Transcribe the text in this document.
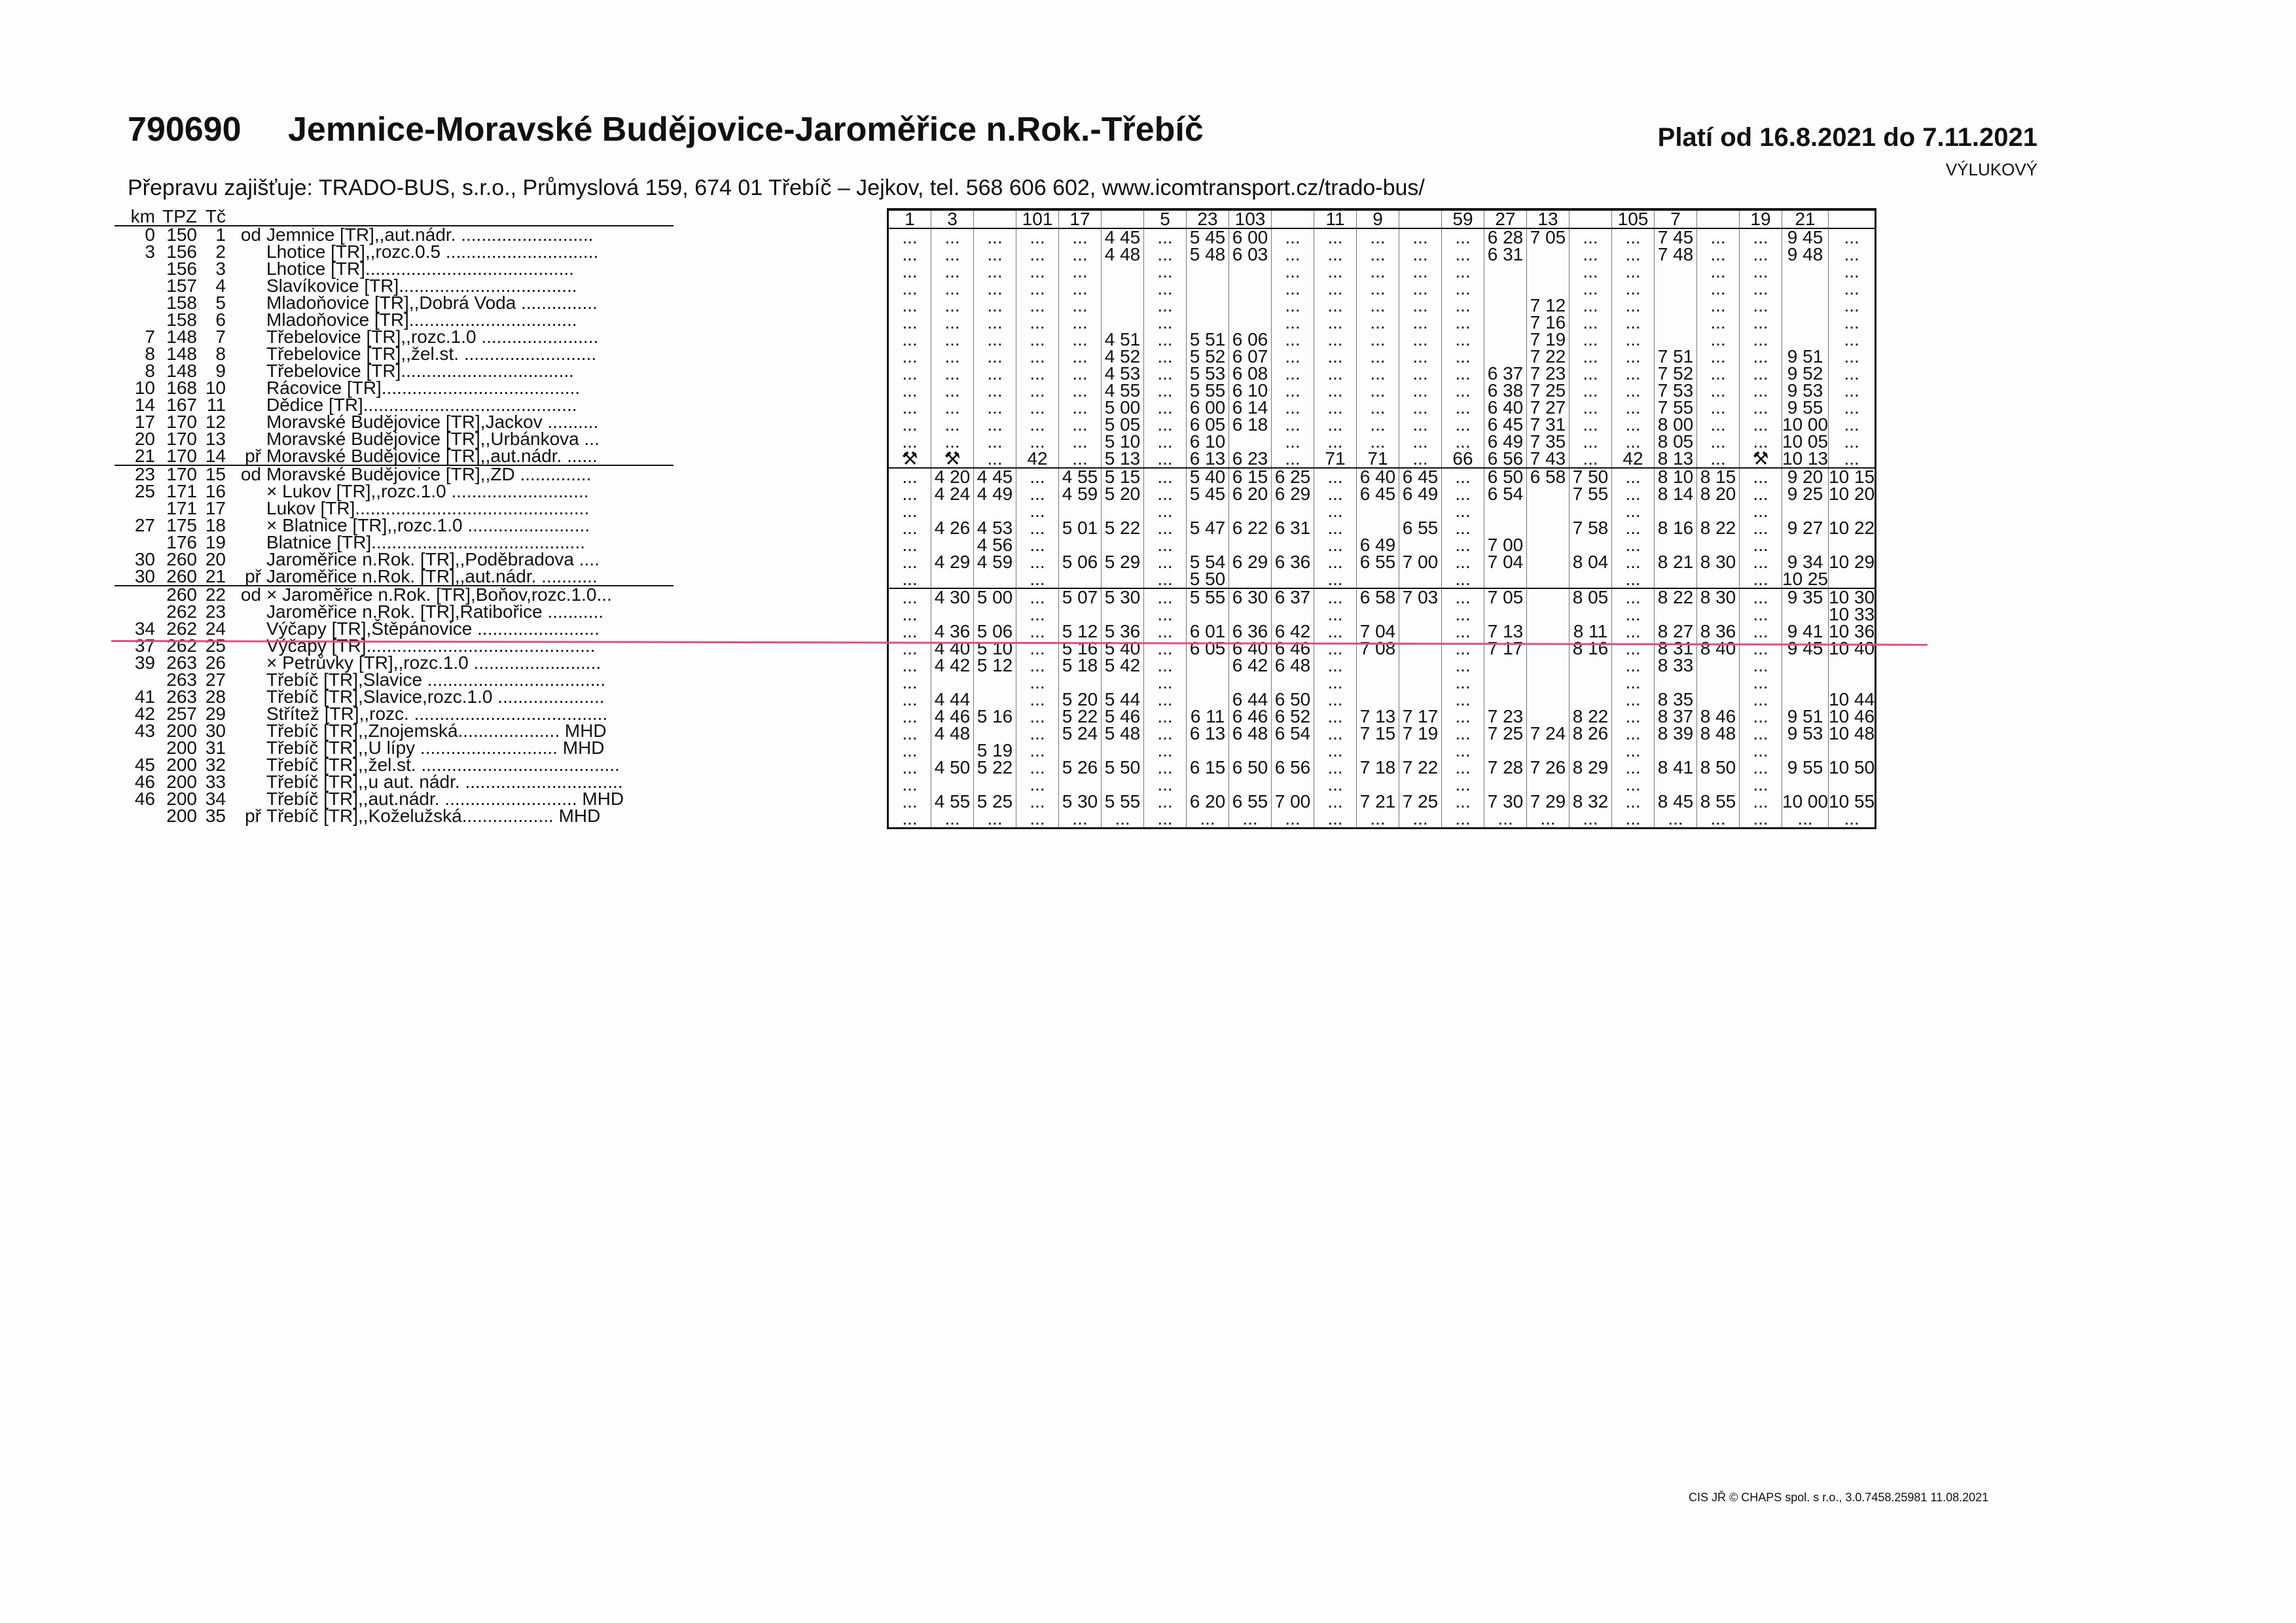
790690 Jemnice-Moravské Budějovice-Jaroměřice n.Rok.-Třebíč	Platí od 16.8.2021 do 7.11.2021
VÝLUKOVÝ
Přepravu zajišťuje: TRADO-BUS, s.r.o., Průmyslová 159, 674 01 Třebíč – Jejkov, tel. 568 606 602, www.icomtransport.cz/trado-bus/
km	TPZ	Tč		
0	150	1	od	Jemnice [TR],,aut.nádr. ..........................
3	156	2		Lhotice [TR],,rozc.0.5 ..............................
	156	3		Lhotice [TR].........................................
	157	4		Slavíkovice [TR]...................................
	158	5		Mladoňovice [TR],,Dobrá Voda ...............
	158	6		Mladoňovice [TR].................................
7	148	7		Třebelovice [TR],,rozc.1.0 .......................
8	148	8		Třebelovice [TR],,žel.st. ..........................
8	148	9		Třebelovice [TR]..................................
10	168	10		Rácovice [TR].......................................
14	167	11		Dědice [TR]..........................................
17	170	12		Moravské Budějovice [TR],Jackov ..........
20	170	13		Moravské Budějovice [TR],,Urbánkova ...
21	170	14	př	Moravské Budějovice [TR],,aut.nádr. ......
23	170	15	od	Moravské Budějovice [TR],,ZD ..............
25	171	16		× Lukov [TR],,rozc.1.0 ...........................
	171	17		Lukov [TR]..............................................
27	175	18		× Blatnice [TR],,rozc.1.0 ........................
	176	19		Blatnice [TR]..........................................
30	260	20		Jaroměřice n.Rok. [TR],,Poděbradova ....
30	260	21	př	Jaroměřice n.Rok. [TR],,aut.nádr. ...........
	260	22	od	× Jaroměřice n.Rok. [TR],Boňov,rozc.1.0...
	262	23		Jaroměřice n.Rok. [TR],Ratibořice ...........
34	262	24		Výčapy [TR],Štěpánovice ........................
37	262	25		Výčapy [TR].............................................
39	263	26		× Petrůvky [TR],,rozc.1.0 .........................
	263	27		Třebíč [TR],Slavice ...................................
41	263	28		Třebíč [TR],Slavice,rozc.1.0 .....................
42	257	29		Střítež [TR],,rozc. ......................................
43	200	30		Třebíč [TR],,Znojemská.................... MHD
	200	31		Třebíč [TR],,U lípy ........................... MHD
45	200	32		Třebíč [TR],,žel.st. .......................................
46	200	33		Třebíč [TR],,u aut. nádr. ...............................
46	200	34		Třebíč [TR],,aut.nádr. .......................... MHD
	200	35	př	Třebíč [TR],,Koželužská.................. MHD
1	3		101	17		5	23	103		11	9		59	27	13		105	7		19	21	
...	...	...	...	...	4 45	...	5 45	6 00	...	...	...	...	...	6 28	7 05	...	...	7 45	...	...	9 45	...
...	...	...	...	...	4 48	...	5 48	6 03	...	...	...	...	...	6 31		...	...	7 48	...	...	9 48	...
...	...	...	...	...		...			...	...	...	...	...			...	...		...	...		...
...	...	...	...	...		...			...	...	...	...	...			...	...		...	...		...
...	...	...	...	...		...			...	...	...	...	...		7 12	...	...		...	...		...
...	...	...	...	...		...			...	...	...	...	...		7 16	...	...		...	...		...
...	...	...	...	...	4 51	...	5 51	6 06	...	...	...	...	...		7 19	...	...		...	...		...
...	...	...	...	...	4 52	...	5 52	6 07	...	...	...	...	...		7 22	...	...	7 51	...	...	9 51	...
...	...	...	...	...	4 53	...	5 53	6 08	...	...	...	...	...	6 37	7 23	...	...	7 52	...	...	9 52	...
...	...	...	...	...	4 55	...	5 55	6 10	...	...	...	...	...	6 38	7 25	...	...	7 53	...	...	9 53	...
...	...	...	...	...	5 00	...	6 00	6 14	...	...	...	...	...	6 40	7 27	...	...	7 55	...	...	9 55	...
...	...	...	...	...	5 05	...	6 05	6 18	...	...	...	...	...	6 45	7 31	...	...	8 00	...	...	10 00	...
...	...	...	...	...	5 10	...	6 10		...	...	...	...	...	6 49	7 35	...	...	8 05	...	...	10 05	...
⚒	⚒	...	42	...	5 13	...	6 13	6 23	...	71	71	...	66	6 56	7 43	...	42	8 13	...	⚒	10 13	...
...	4 20	4 45	...	4 55	5 15	...	5 40	6 15	6 25	...	6 40	6 45	...	6 50	6 58	7 50	...	8 10	8 15	...	9 20	10 15
...	4 24	4 49	...	4 59	5 20	...	5 45	6 20	6 29	...	6 45	6 49	...	6 54		7 55	...	8 14	8 20	...	9 25	10 20
...			...			...				...			...				...			...		
...	4 26	4 53	...	5 01	5 22	...	5 47	6 22	6 31	...		6 55	...			7 58	...	8 16	8 22	...	9 27	10 22
...		4 56	...			...				...	6 49		...	7 00			...			...		
...	4 29	4 59	...	5 06	5 29	...	5 54	6 29	6 36	...	6 55	7 00	...	7 04		8 04	...	8 21	8 30	...	9 34	10 29
...			...			...	5 50			...			...				...			...	10 25	
...	4 30	5 00	...	5 07	5 30	...	5 55	6 30	6 37	...	6 58	7 03	...	7 05		8 05	...	8 22	8 30	...	9 35	10 30
...			...			...				...			...				...			...		10 33
...	4 36	5 06	...	5 12	5 36	...	6 01	6 36	6 42	...	7 04		...	7 13		8 11	...	8 27	8 36	...	9 41	10 36
...	4 40	5 10	...	5 16	5 40	...	6 05	6 40	6 46	...	7 08		...	7 17		8 16	...	8 31	8 40	...	9 45	10 40
...	4 42	5 12	...	5 18	5 42	...		6 42	6 48	...			...				...	8 33		...		
...			...			...				...			...				...			...		
...	4 44		...	5 20	5 44	...		6 44	6 50	...			...				...	8 35		...		10 44
...	4 46	5 16	...	5 22	5 46	...	6 11	6 46	6 52	...	7 13	7 17	...	7 23		8 22	...	8 37	8 46	...	9 51	10 46
...	4 48		...	5 24	5 48	...	6 13	6 48	6 54	...	7 15	7 19	...	7 25	7 24	8 26	...	8 39	8 48	...	9 53	10 48
...		5 19	...			...				...			...				...			...		
...	4 50	5 22	...	5 26	5 50	...	6 15	6 50	6 56	...	7 18	7 22	...	7 28	7 26	8 29	...	8 41	8 50	...	9 55	10 50
...			...			...				...			...				...			...		
...	4 55	5 25	...	5 30	5 55	...	6 20	6 55	7 00	...	7 21	7 25	...	7 30	7 29	8 32	...	8 45	8 55	...	10 00	10 55
...	...	...	...	...	...	...	...	...	...	...	...	...	...	...	...	...	...	...	...	...	...	...
CIS JŘ © CHAPS spol. s r.o., 3.0.7458.25981 11.08.2021
